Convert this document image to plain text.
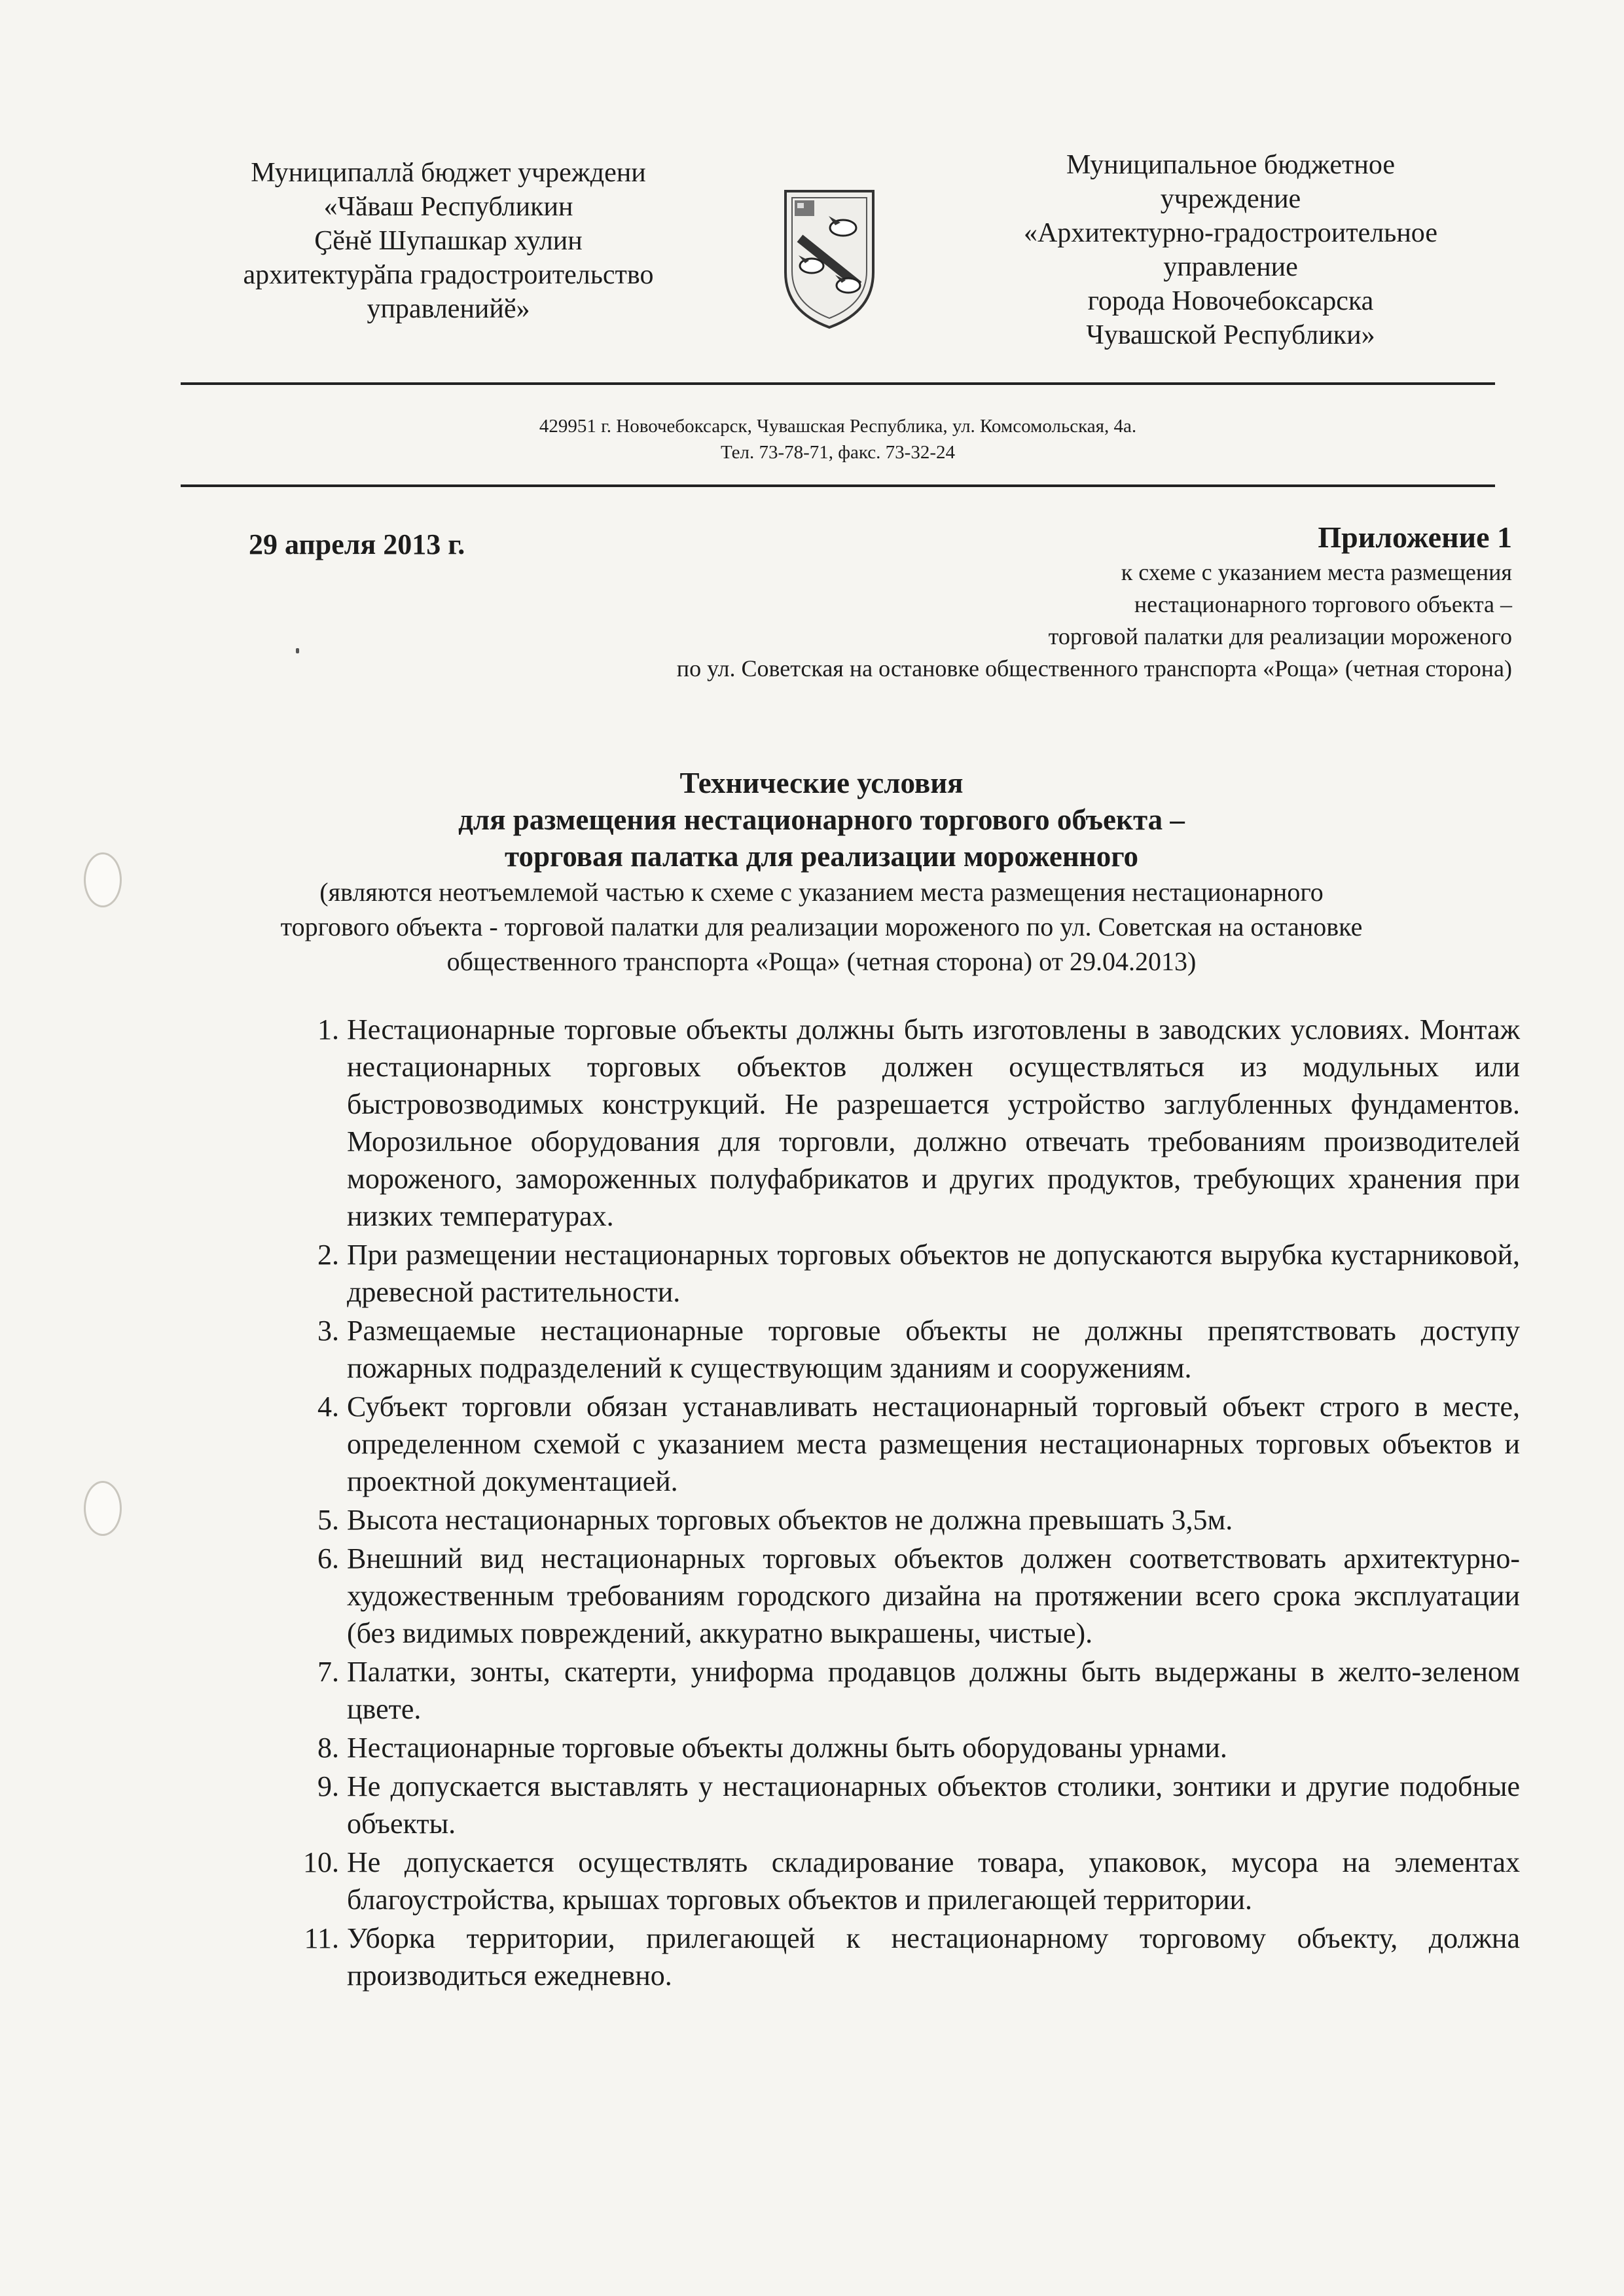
Муниципаллӑ бюджет учреждени
«Чӑваш Республикин
Ҫӗнӗ Шупашкар хулин
архитектурӑпа градостроительство
управленийӗ»
Муниципальное бюджетное
учреждение
«Архитектурно-градостроительное
управление
города Новочебоксарска
Чувашской Республики»
429951 г. Новочебоксарск, Чувашская Республика, ул. Комсомольская, 4а.
Тел. 73-78-71, факс. 73-32-24
29 апреля 2013 г.	Приложение 1
к схеме с указанием места размещения
нестационарного торгового объекта –
торговой палатки для реализации мороженого
по ул. Советская на остановке общественного транспорта «Роща» (четная сторона)
Технические условия
для размещения нестационарного торгового объекта –
торговая палатка для реализации мороженного
(являются неотъемлемой частью к схеме с указанием места размещения нестационарного
торгового объекта - торговой палатки для реализации мороженого по ул. Советская на остановке
общественного транспорта «Роща» (четная сторона) от 29.04.2013)
1. Нестационарные торговые объекты должны быть изготовлены в заводских условиях. Монтаж нестационарных торговых объектов должен осуществляться из модульных или быстровозводимых конструкций. Не разрешается устройство заглубленных фундаментов. Морозильное оборудования для торговли, должно отвечать требованиям производителей мороженого, замороженных полуфабрикатов и других продуктов, требующих хранения при низких температурах.
2. При размещении нестационарных торговых объектов не допускаются вырубка кустарниковой, древесной растительности.
3. Размещаемые нестационарные торговые объекты не должны препятствовать доступу пожарных подразделений к существующим зданиям и сооружениям.
4. Субъект торговли обязан устанавливать нестационарный торговый объект строго в месте, определенном схемой с указанием места размещения нестационарных торговых объектов и проектной документацией.
5. Высота нестационарных торговых объектов не должна превышать 3,5м.
6. Внешний вид нестационарных торговых объектов должен соответствовать архитектурно-художественным требованиям городского дизайна на протяжении всего срока эксплуатации (без видимых повреждений, аккуратно выкрашены, чистые).
7. Палатки, зонты, скатерти, униформа продавцов должны быть выдержаны в желто-зеленом цвете.
8. Нестационарные торговые объекты должны быть оборудованы урнами.
9. Не допускается выставлять у нестационарных объектов столики, зонтики и другие подобные объекты.
10. Не допускается осуществлять складирование товара, упаковок, мусора на элементах благоустройства, крышах торговых объектов и прилегающей территории.
11. Уборка территории, прилегающей к нестационарному торговому объекту, должна производиться ежедневно.
